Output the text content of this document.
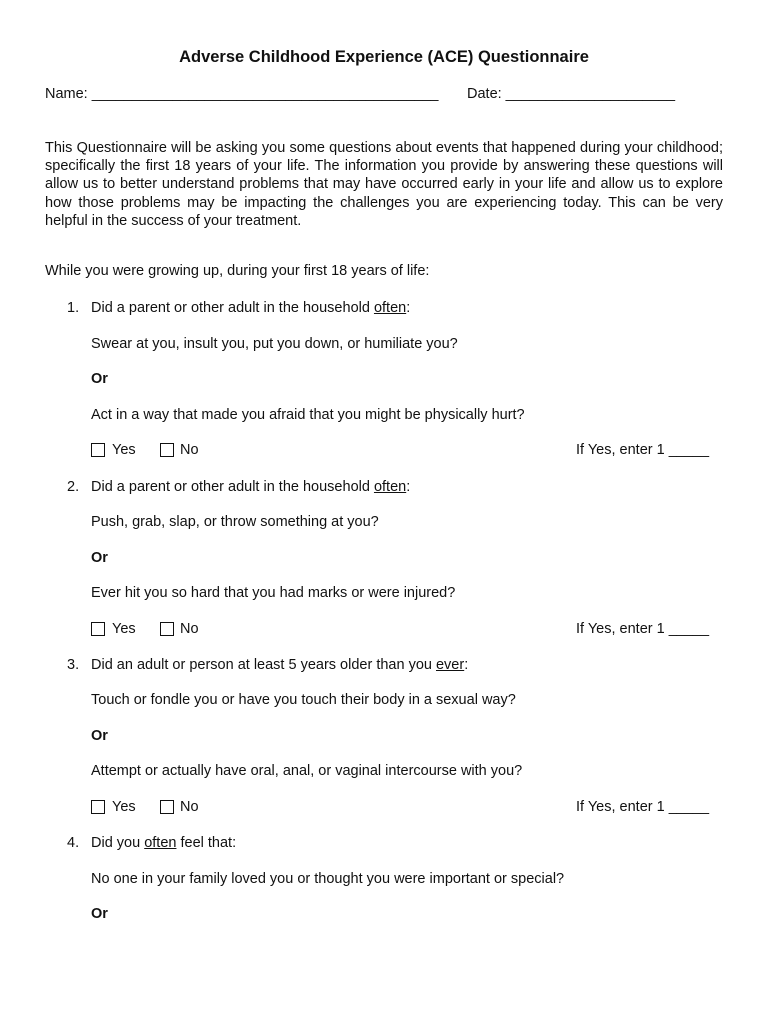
Adverse Childhood Experience (ACE) Questionnaire
Name: ___________________________________________ Date: _____________________
This Questionnaire will be asking you some questions about events that happened during your childhood; specifically the first 18 years of your life. The information you provide by answering these questions will allow us to better understand problems that may have occurred early in your life and allow us to explore how those problems may be impacting the challenges you are experiencing today. This can be very helpful in the success of your treatment.
While you were growing up, during your first 18 years of life:
1. Did a parent or other adult in the household often:
Swear at you, insult you, put you down, or humiliate you?
Or
Act in a way that made you afraid that you might be physically hurt?
Yes	No	If Yes, enter 1 _____
2. Did a parent or other adult in the household often:
Push, grab, slap, or throw something at you?
Or
Ever hit you so hard that you had marks or were injured?
Yes	No	If Yes, enter 1 _____
3. Did an adult or person at least 5 years older than you ever:
Touch or fondle you or have you touch their body in a sexual way?
Or
Attempt or actually have oral, anal, or vaginal intercourse with you?
Yes	No	If Yes, enter 1 _____
4. Did you often feel that:
No one in your family loved you or thought you were important or special?
Or
